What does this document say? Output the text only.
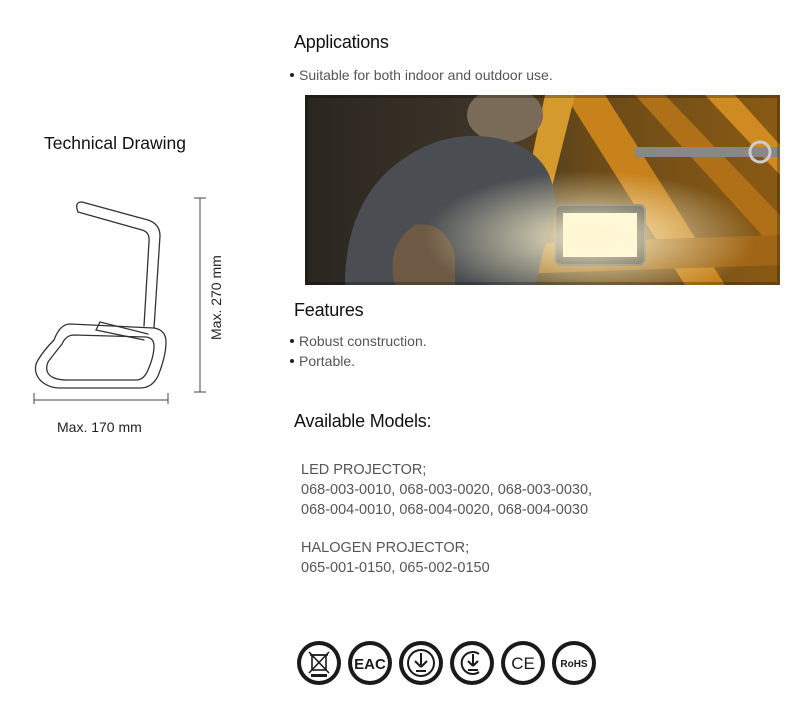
Technical Drawing
Max. 170 mm
Max. 270 mm
Applications
Suitable for both indoor and outdoor use.
Features
Robust construction.
Portable.
Available Models:
LED PROJECTOR;
068-003-0010, 068-003-0020, 068-003-0030,
068-004-0010, 068-004-0020, 068-004-0030
HALOGEN PROJECTOR;
065-001-0150, 065-002-0150
EAC	CE	RoHS
